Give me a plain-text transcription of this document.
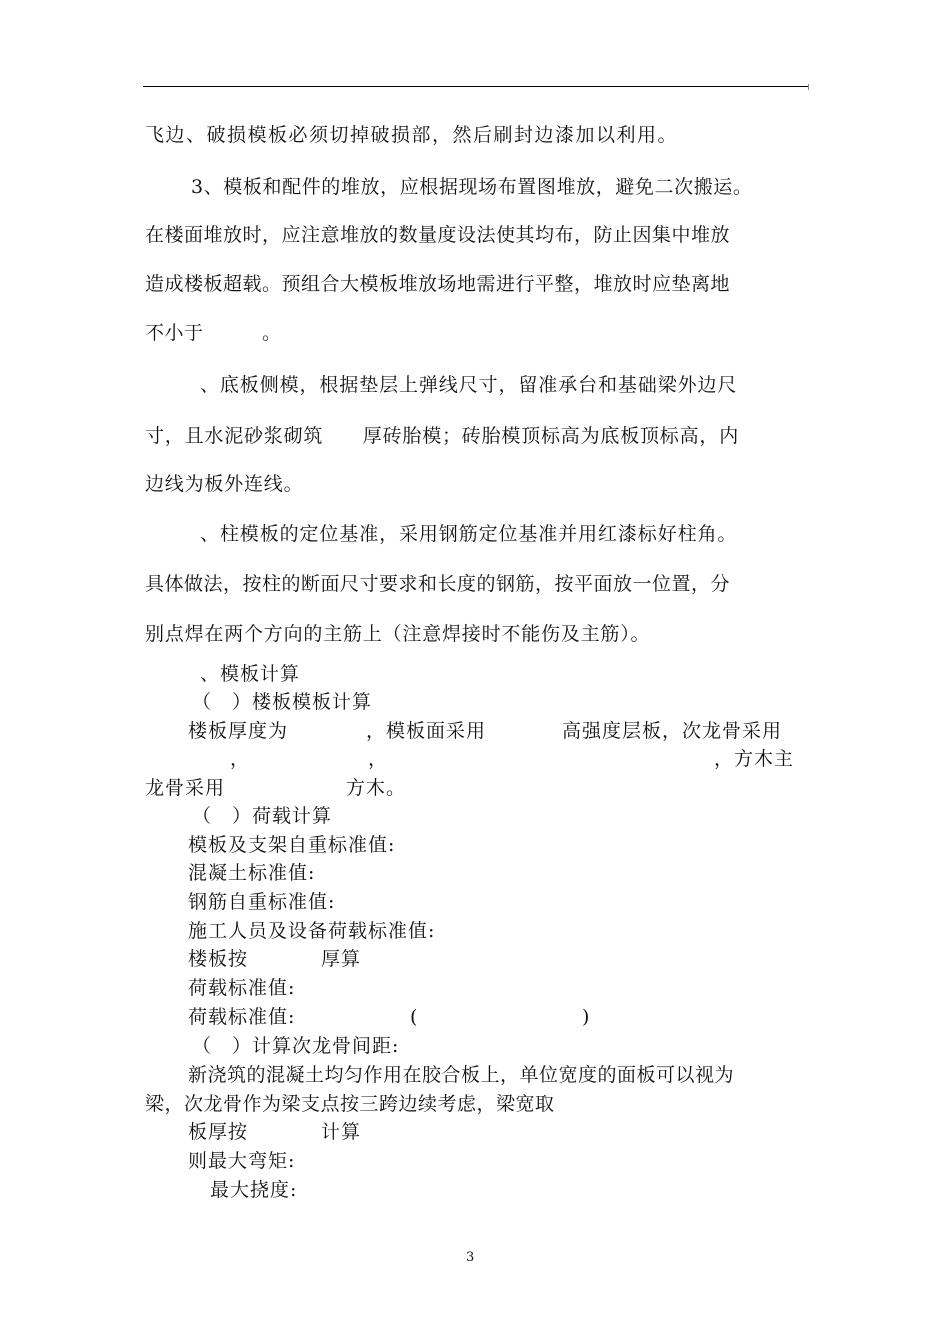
飞边、破损模板必须切掉破损部，然后刷封边漆加以利用。
3、模板和配件的堆放，应根据现场布置图堆放，避免二次搬运。
在楼面堆放时，应注意堆放的数量度设法使其均布，防止因集中堆放
造成楼板超载。预组合大模板堆放场地需进行平整，堆放时应垫离地
不小于　　　。
、底板侧模，根据垫层上弹线尺寸，留准承台和基础梁外边尺
寸，且水泥砂浆砌筑　　厚砖胎模；砖胎模顶标高为底板顶标高，内
边线为板外连线。
、柱模板的定位基准，采用钢筋定位基准并用红漆标好柱角。
具体做法，按柱的断面尺寸要求和长度的钢筋，按平面放一位置，分
别点焊在两个方向的主筋上（注意焊接时不能伤及主筋）。
、模板计算
（　）楼板模板计算
楼板厚度为	，模板面采用	高强度层板，次龙骨采用
，	，	，方木主
龙骨采用	方木。
（　）荷载计算
模板及支架自重标准值:
混凝土标准值:
钢筋自重标准值:
施工人员及设备荷载标准值:
楼板按	厚算
荷载标准值:
荷载标准值:	(	)
（　）计算次龙骨间距:
新浇筑的混凝土均匀作用在胶合板上，单位宽度的面板可以视为
梁，次龙骨作为梁支点按三跨边续考虑，梁宽取
板厚按	计算
则最大弯矩:
最大挠度:
3
